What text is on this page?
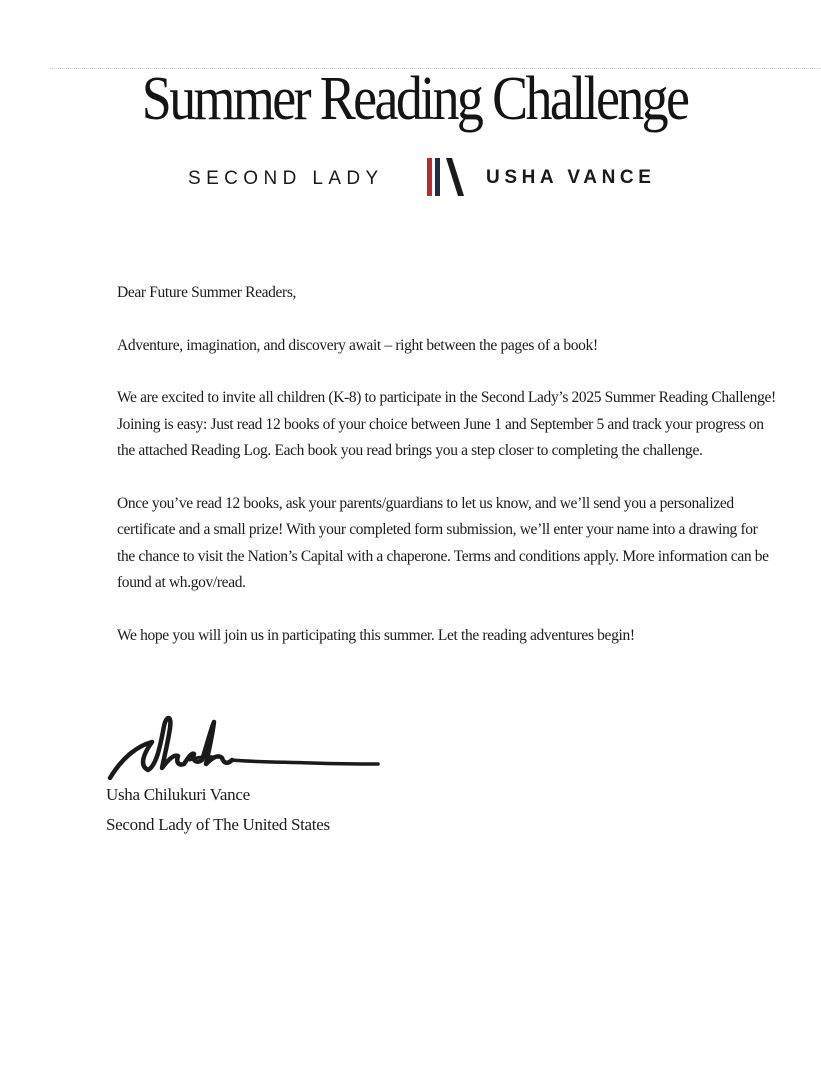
Summer Reading Challenge
SECOND LADY	USHA VANCE

Dear Future Summer Readers,

Adventure, imagination, and discovery await – right between the pages of a book!

We are excited to invite all children (K-8) to participate in the Second Lady’s 2025 Summer Reading Challenge! Joining is easy: Just read 12 books of your choice between June 1 and September 5 and track your progress on the attached Reading Log. Each book you read brings you a step closer to completing the challenge.

Once you’ve read 12 books, ask your parents/guardians to let us know, and we’ll send you a personalized certificate and a small prize! With your completed form submission, we’ll enter your name into a drawing for the chance to visit the Nation’s Capital with a chaperone. Terms and conditions apply. More information can be found at wh.gov/read.

We hope you will join us in participating this summer. Let the reading adventures begin!

Usha Chilukuri Vance
Second Lady of The United States
